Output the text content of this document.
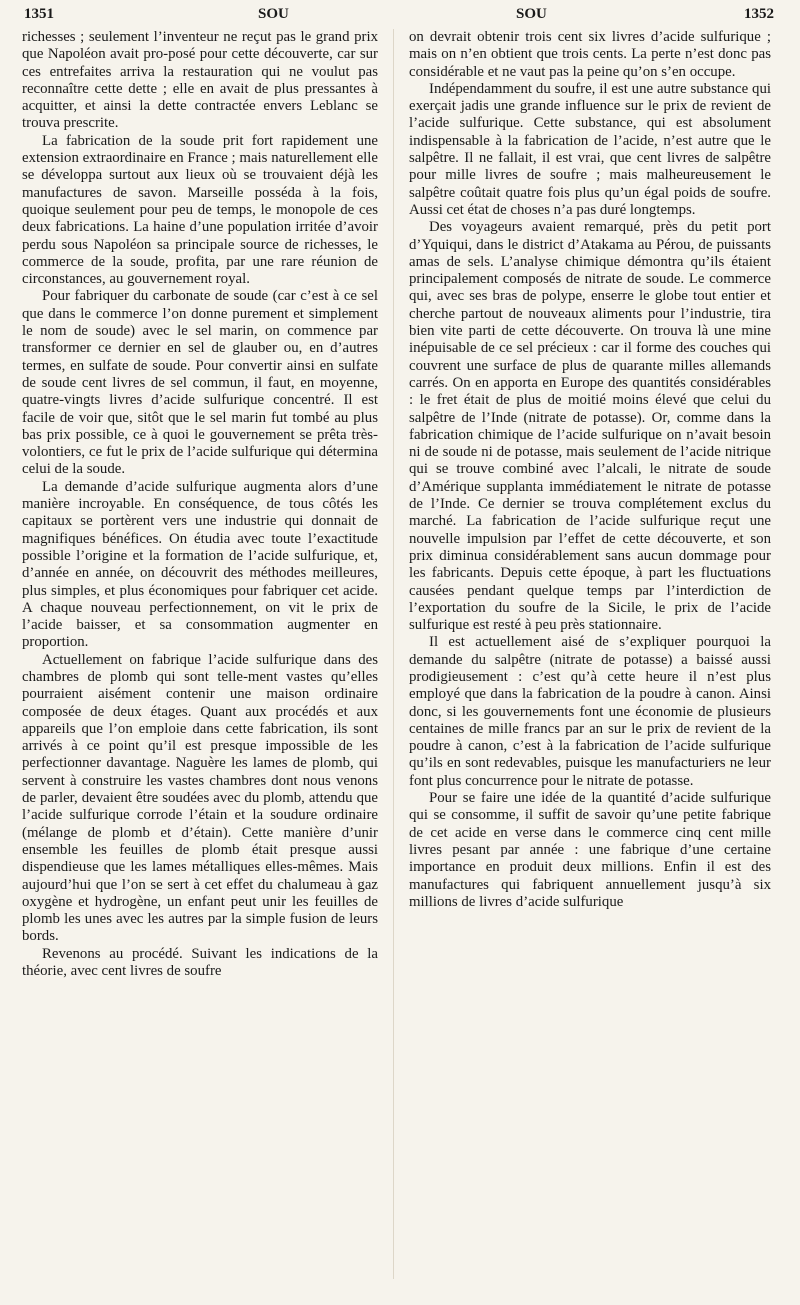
1351	SOU	SOU	1352

richesses ; seulement l’inventeur ne reçut pas le grand prix que Napoléon avait pro-posé pour cette découverte, car sur ces entrefaites arriva la restauration qui ne voulut pas reconnaître cette dette ; elle en avait de plus pressantes à acquitter, et ainsi la dette contractée envers Leblanc se trouva prescrite.

La fabrication de la soude prit fort rapidement une extension extraordinaire en France ; mais naturellement elle se développa surtout aux lieux où se trouvaient déjà les manufactures de savon. Marseille posséda à la fois, quoique seulement pour peu de temps, le monopole de ces deux fabrications. La haine d’une population irritée d’avoir perdu sous Napoléon sa principale source de richesses, le commerce de la soude, profita, par une rare réunion de circonstances, au gouvernement royal.

Pour fabriquer du carbonate de soude (car c’est à ce sel que dans le commerce l’on donne purement et simplement le nom de soude) avec le sel marin, on commence par transformer ce dernier en sel de glauber ou, en d’autres termes, en sulfate de soude. Pour convertir ainsi en sulfate de soude cent livres de sel commun, il faut, en moyenne, quatre-vingts livres d’acide sulfurique concentré. Il est facile de voir que, sitôt que le sel marin fut tombé au plus bas prix possible, ce à quoi le gouvernement se prêta très-volontiers, ce fut le prix de l’acide sulfurique qui détermina celui de la soude.

La demande d’acide sulfurique augmenta alors d’une manière incroyable. En conséquence, de tous côtés les capitaux se portèrent vers une industrie qui donnait de magnifiques bénéfices. On étudia avec toute l’exactitude possible l’origine et la formation de l’acide sulfurique, et, d’année en année, on découvrit des méthodes meilleures, plus simples, et plus économiques pour fabriquer cet acide. A chaque nouveau perfectionnement, on vit le prix de l’acide baisser, et sa consommation augmenter en proportion.

Actuellement on fabrique l’acide sulfurique dans des chambres de plomb qui sont telle-ment vastes qu’elles pourraient aisément contenir une maison ordinaire composée de deux étages. Quant aux procédés et aux appareils que l’on emploie dans cette fabrication, ils sont arrivés à ce point qu’il est presque impossible de les perfectionner davantage. Naguère les lames de plomb, qui servent à construire les vastes chambres dont nous venons de parler, devaient être soudées avec du plomb, attendu que l’acide sulfurique corrode l’étain et la soudure ordinaire (mélange de plomb et d’étain). Cette manière d’unir ensemble les feuilles de plomb était presque aussi dispendieuse que les lames métalliques elles-mêmes. Mais aujourd’hui que l’on se sert à cet effet du chalumeau à gaz oxygène et hydrogène, un enfant peut unir les feuilles de plomb les unes avec les autres par la simple fusion de leurs bords.

Revenons au procédé. Suivant les indications de la théorie, avec cent livres de soufre

on devrait obtenir trois cent six livres d’acide sulfurique ; mais on n’en obtient que trois cents. La perte n’est donc pas considérable et ne vaut pas la peine qu’on s’en occupe.

Indépendamment du soufre, il est une autre substance qui exerçait jadis une grande influence sur le prix de revient de l’acide sulfurique. Cette substance, qui est absolument indispensable à la fabrication de l’acide, n’est autre que le salpêtre. Il ne fallait, il est vrai, que cent livres de salpêtre pour mille livres de soufre ; mais malheureusement le salpêtre coûtait quatre fois plus qu’un égal poids de soufre. Aussi cet état de choses n’a pas duré longtemps.

Des voyageurs avaient remarqué, près du petit port d’Yquiqui, dans le district d’Atakama au Pérou, de puissants amas de sels. L’analyse chimique démontra qu’ils étaient principalement composés de nitrate de soude. Le commerce qui, avec ses bras de polype, enserre le globe tout entier et cherche partout de nouveaux aliments pour l’industrie, tira bien vite parti de cette découverte. On trouva là une mine inépuisable de ce sel précieux : car il forme des couches qui couvrent une surface de plus de quarante milles allemands carrés. On en apporta en Europe des quantités considérables : le fret était de plus de moitié moins élevé que celui du salpêtre de l’Inde (nitrate de potasse). Or, comme dans la fabrication chimique de l’acide sulfurique on n’avait besoin ni de soude ni de potasse, mais seulement de l’acide nitrique qui se trouve combiné avec l’alcali, le nitrate de soude d’Amérique supplanta immédiatement le nitrate de potasse de l’Inde. Ce dernier se trouva complétement exclus du marché. La fabrication de l’acide sulfurique reçut une nouvelle impulsion par l’effet de cette découverte, et son prix diminua considérablement sans aucun dommage pour les fabricants. Depuis cette époque, à part les fluctuations causées pendant quelque temps par l’interdiction de l’exportation du soufre de la Sicile, le prix de l’acide sulfurique est resté à peu près stationnaire.

Il est actuellement aisé de s’expliquer pourquoi la demande du salpêtre (nitrate de potasse) a baissé aussi prodigieusement : c’est qu’à cette heure il n’est plus employé que dans la fabrication de la poudre à canon. Ainsi donc, si les gouvernements font une économie de plusieurs centaines de mille francs par an sur le prix de revient de la poudre à canon, c’est à la fabrication de l’acide sulfurique qu’ils en sont redevables, puisque les manufacturiers ne leur font plus concurrence pour le nitrate de potasse.

Pour se faire une idée de la quantité d’acide sulfurique qui se consomme, il suffit de savoir qu’une petite fabrique de cet acide en verse dans le commerce cinq cent mille livres pesant par année : une fabrique d’une certaine importance en produit deux millions. Enfin il est des manufactures qui fabriquent annuellement jusqu’à six millions de livres d’acide sulfurique
